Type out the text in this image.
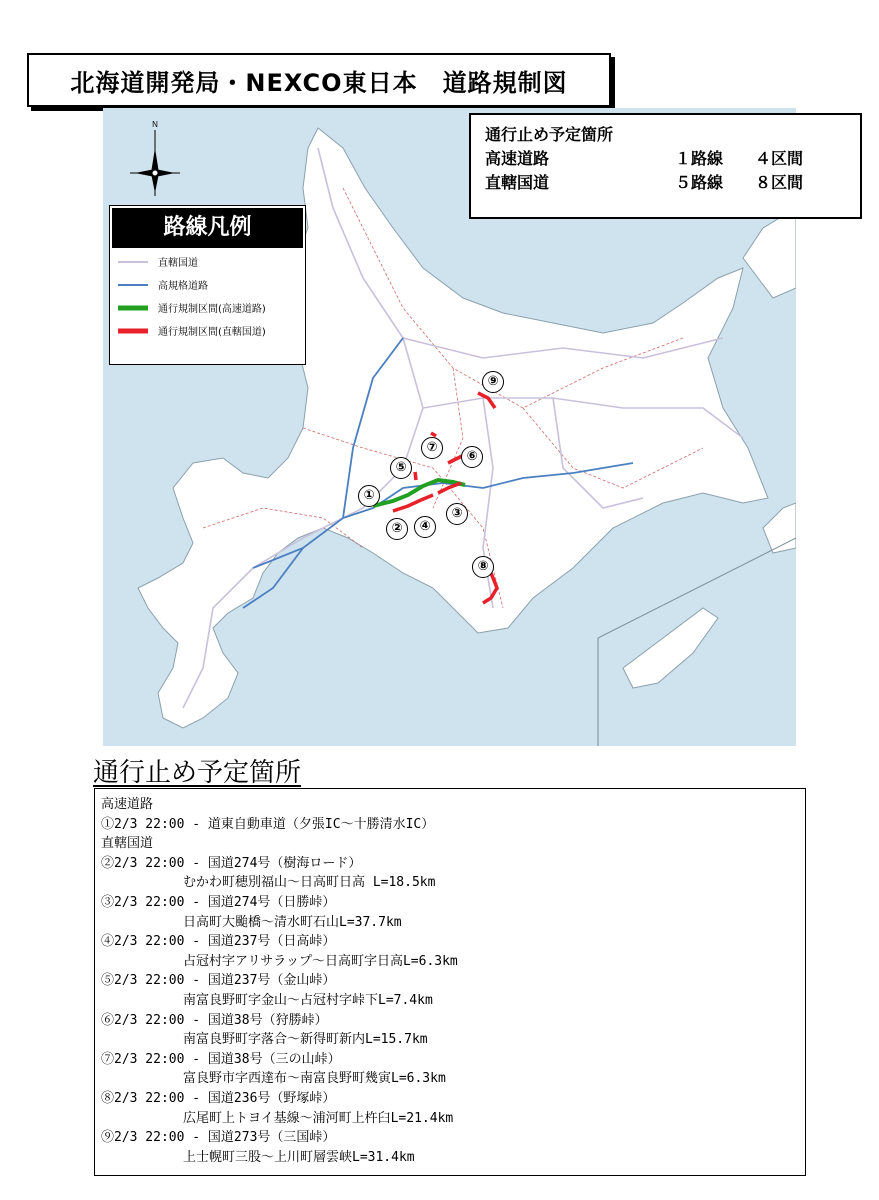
北海道開発局・NEXCO東日本　道路規制図
通行止め予定箇所
高速道路	１路線	４区間
直轄国道	５路線	８区間
N
路線凡例
直轄国道
高規格道路
通行規制区間(高速道路)
通行規制区間(直轄国道)
①
②
③
④
⑤
⑥
⑦
⑧
⑨
通行止め予定箇所
高速道路
①2/3 22:00 - 道東自動車道（夕張IC～十勝清水IC）
直轄国道
②2/3 22:00 - 国道274号（樹海ロード）
むかわ町穂別福山～日高町日高 L=18.5km
③2/3 22:00 - 国道274号（日勝峠）
日高町大颱橋～清水町石山L=37.7km
④2/3 22:00 - 国道237号（日高峠）
占冠村字アリサラップ～日高町字日高L=6.3km
⑤2/3 22:00 - 国道237号（金山峠）
南富良野町字金山～占冠村字峠下L=7.4km
⑥2/3 22:00 - 国道38号（狩勝峠）
南富良野町字落合～新得町新内L=15.7km
⑦2/3 22:00 - 国道38号（三の山峠）
富良野市字西達布～南富良野町幾寅L=6.3km
⑧2/3 22:00 - 国道236号（野塚峠）
広尾町上トヨイ基線～浦河町上杵臼L=21.4km
⑨2/3 22:00 - 国道273号（三国峠）
上士幌町三股～上川町層雲峡L=31.4km
